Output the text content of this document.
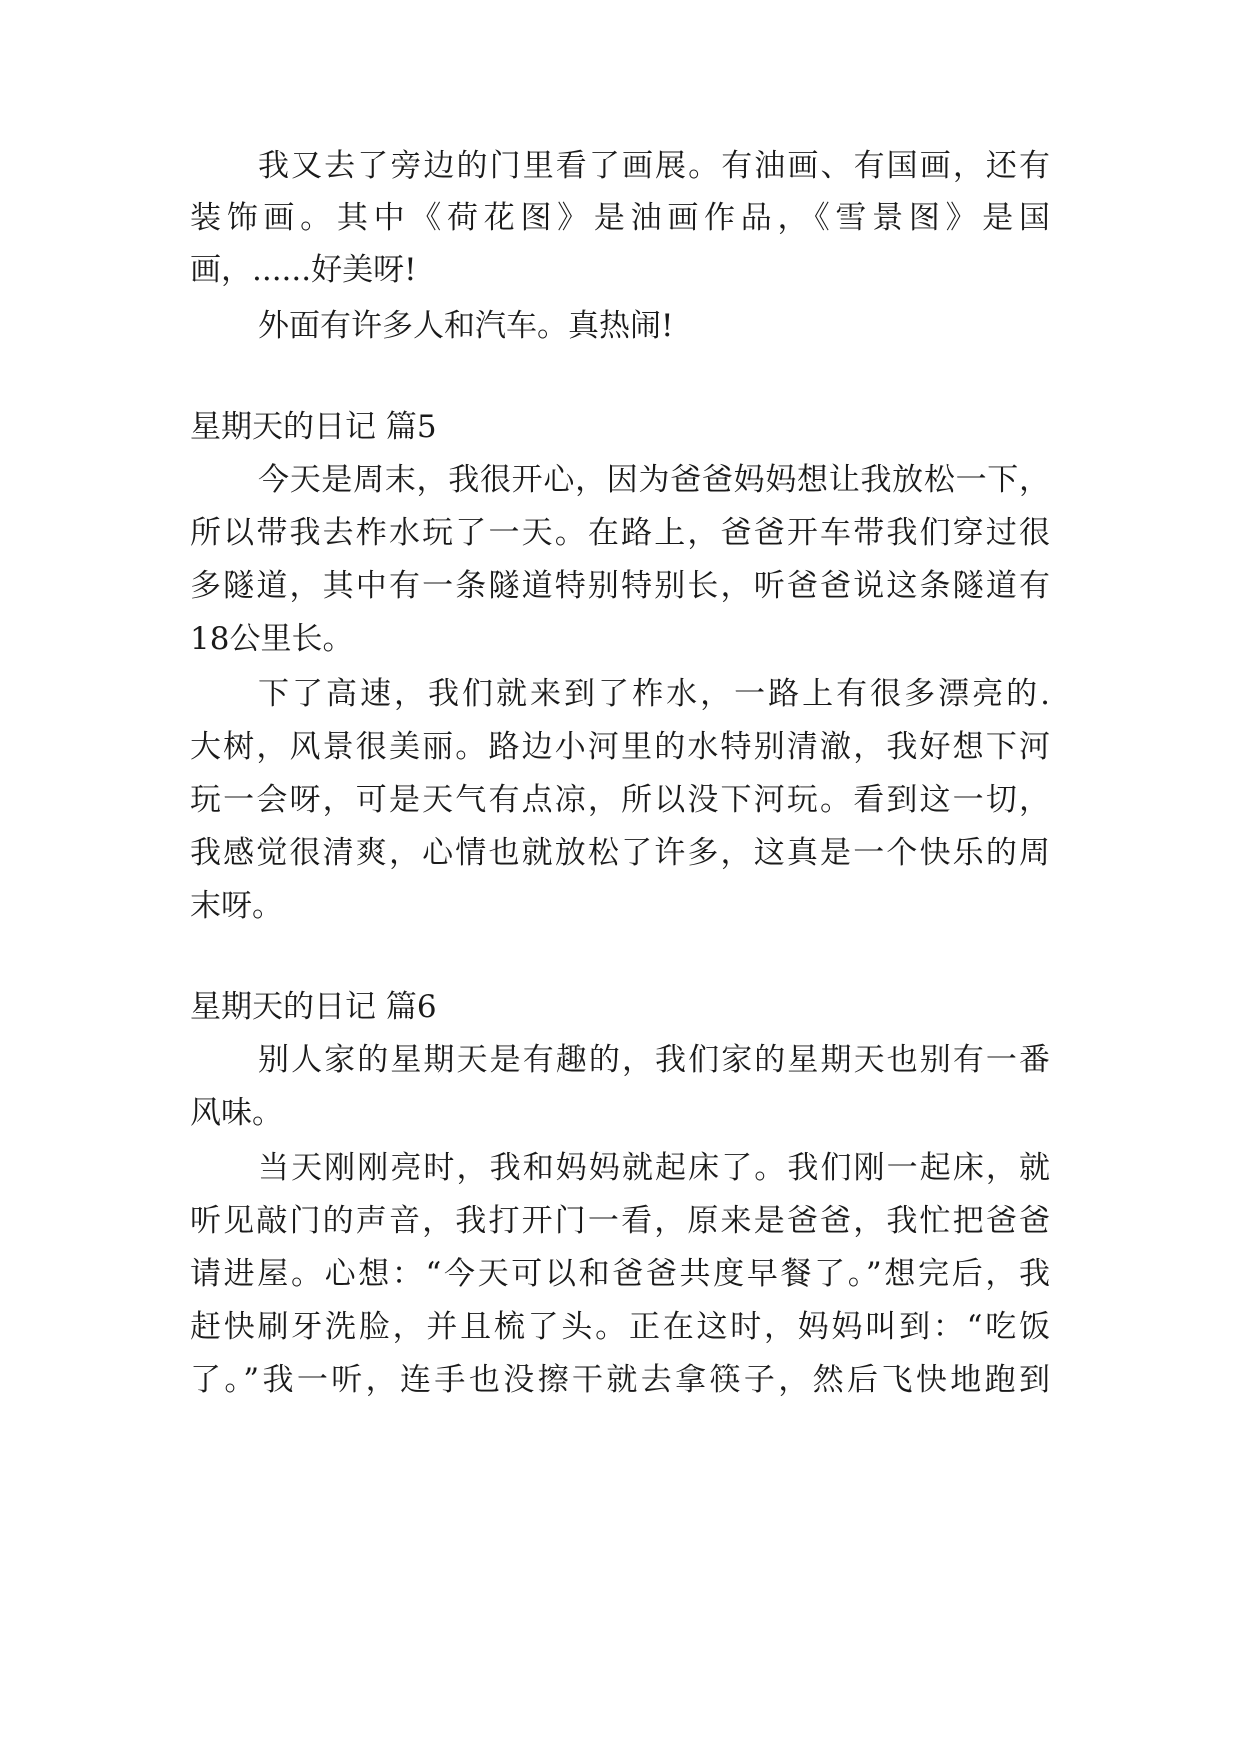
我又去了旁边的门里看了画展。有油画、有国画，还有
装饰画。其中《荷花图》是油画作品，《雪景图》是国
画，......好美呀!
外面有许多人和汽车。真热闹!
星期天的日记 篇5
今天是周末，我很开心，因为爸爸妈妈想让我放松一下，
所以带我去柞水玩了一天。在路上，爸爸开车带我们穿过很
多隧道，其中有一条隧道特别特别长，听爸爸说这条隧道有
18公里长。
下了高速，我们就来到了柞水，一路上有很多漂亮的.
大树，风景很美丽。路边小河里的水特别清澈，我好想下河
玩一会呀，可是天气有点凉，所以没下河玩。看到这一切，
我感觉很清爽，心情也就放松了许多，这真是一个快乐的周
末呀。
星期天的日记 篇6
别人家的星期天是有趣的，我们家的星期天也别有一番
风味。
当天刚刚亮时，我和妈妈就起床了。我们刚一起床，就
听见敲门的声音，我打开门一看，原来是爸爸，我忙把爸爸
请进屋。心想：“今天可以和爸爸共度早餐了。”想完后，我
赶快刷牙洗脸，并且梳了头。正在这时，妈妈叫到：“吃饭
了。”我一听，连手也没擦干就去拿筷子，然后飞快地跑到
